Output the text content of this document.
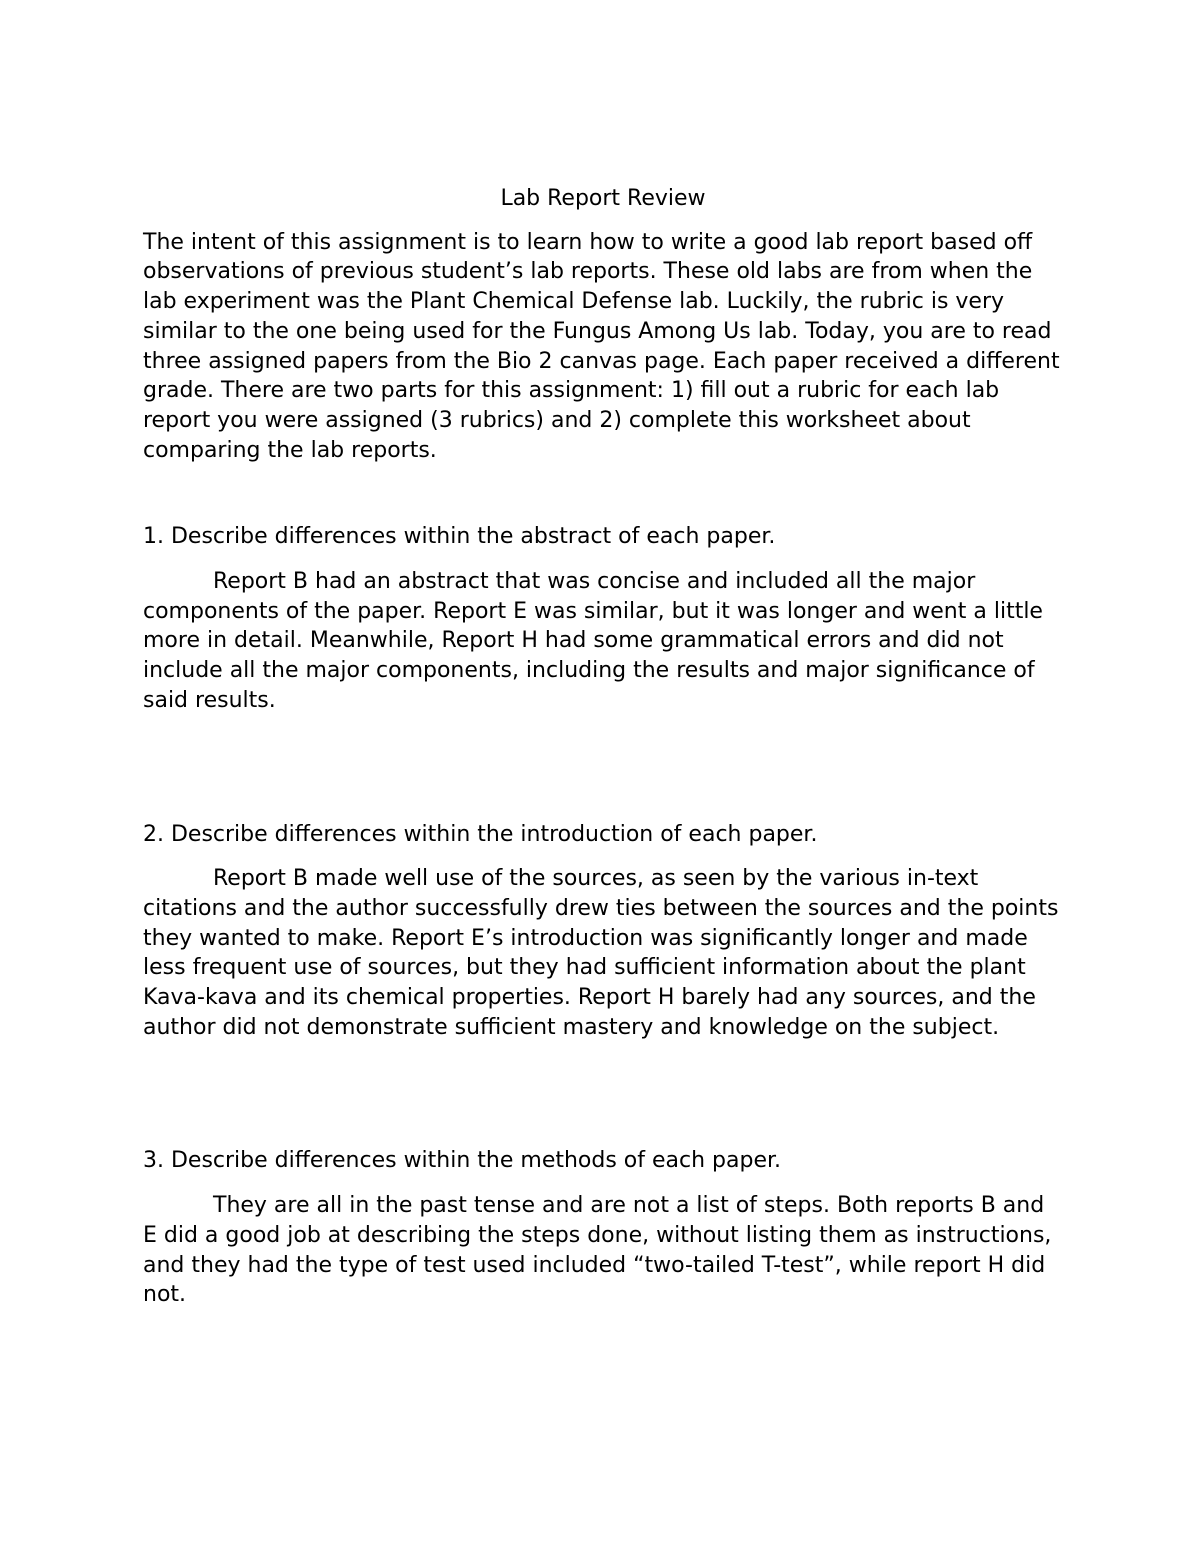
Lab Report Review

The intent of this assignment is to learn how to write a good lab report based off observations of previous student’s lab reports. These old labs are from when the lab experiment was the Plant Chemical Defense lab. Luckily, the rubric is very similar to the one being used for the Fungus Among Us lab. Today, you are to read three assigned papers from the Bio 2 canvas page. Each paper received a different grade. There are two parts for this assignment: 1) fill out a rubric for each lab report you were assigned (3 rubrics) and 2) complete this worksheet about comparing the lab reports.

1. Describe differences within the abstract of each paper.

Report B had an abstract that was concise and included all the major components of the paper. Report E was similar, but it was longer and went a little more in detail. Meanwhile, Report H had some grammatical errors and did not include all the major components, including the results and major significance of said results.

2. Describe differences within the introduction of each paper.

Report B made well use of the sources, as seen by the various in-text citations and the author successfully drew ties between the sources and the points they wanted to make. Report E’s introduction was significantly longer and made less frequent use of sources, but they had sufficient information about the plant Kava-kava and its chemical properties. Report H barely had any sources, and the author did not demonstrate sufficient mastery and knowledge on the subject.

3. Describe differences within the methods of each paper.

They are all in the past tense and are not a list of steps. Both reports B and E did a good job at describing the steps done, without listing them as instructions, and they had the type of test used included “two-tailed T-test”, while report H did not.
